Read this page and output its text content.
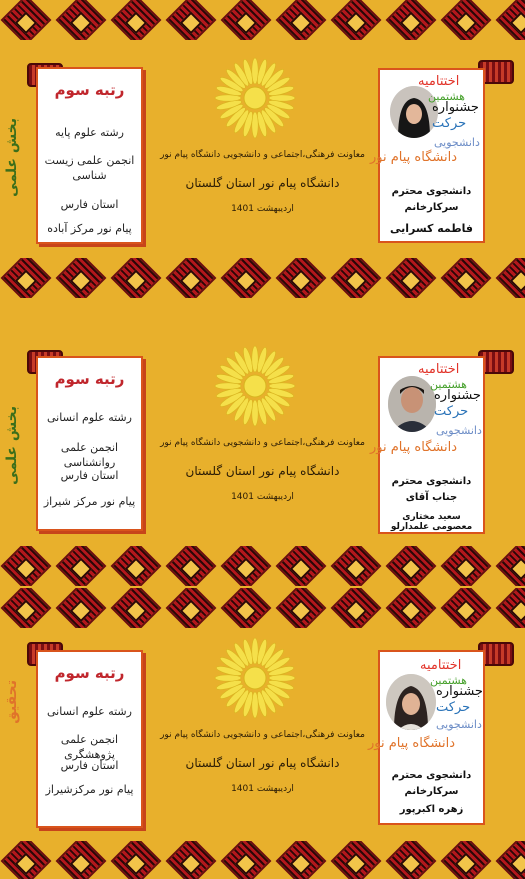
بخش علمی
رتبه سوم
رشته علوم پایه
انجمن علمی زیست شناسی
استان فارس
پیام نور مرکز آباده
معاونت فرهنگی،اجتماعی و دانشجویی دانشگاه پیام نور
دانشگاه پیام نور استان گلستان
اردیبهشت 1401
اختتامیه
هشتمین
جشنواره
حرکت
دانشجویی
دانشگاه پیام نور
دانشجوی محترم
سرکارخانم
فاطمه کسرایی
بخش علمی
رتبه سوم
رشته علوم انسانی
انجمن علمی روانشناسی
استان فارس
پیام نور مرکز شیراز
معاونت فرهنگی،اجتماعی و دانشجویی دانشگاه پیام نور
دانشگاه پیام نور استان گلستان
اردیبهشت 1401
اختتامیه
هشتمین
جشنواره
حرکت
دانشجویی
دانشگاه پیام نور
دانشجوی محترم
جناب آقای
سعید مختاری معصومی علمدارلو
تحقیق
رتبه سوم
رشته علوم انسانی
انجمن علمی پژوهشگری
استان فارس
پیام نور مرکزشیراز
معاونت فرهنگی،اجتماعی و دانشجویی دانشگاه پیام نور
دانشگاه پیام نور استان گلستان
اردیبهشت 1401
اختتامیه
هشتمین
جشنواره
حرکت
دانشجویی
دانشگاه پیام نور
دانشجوی محترم
سرکارخانم
زهره اکبرپور
